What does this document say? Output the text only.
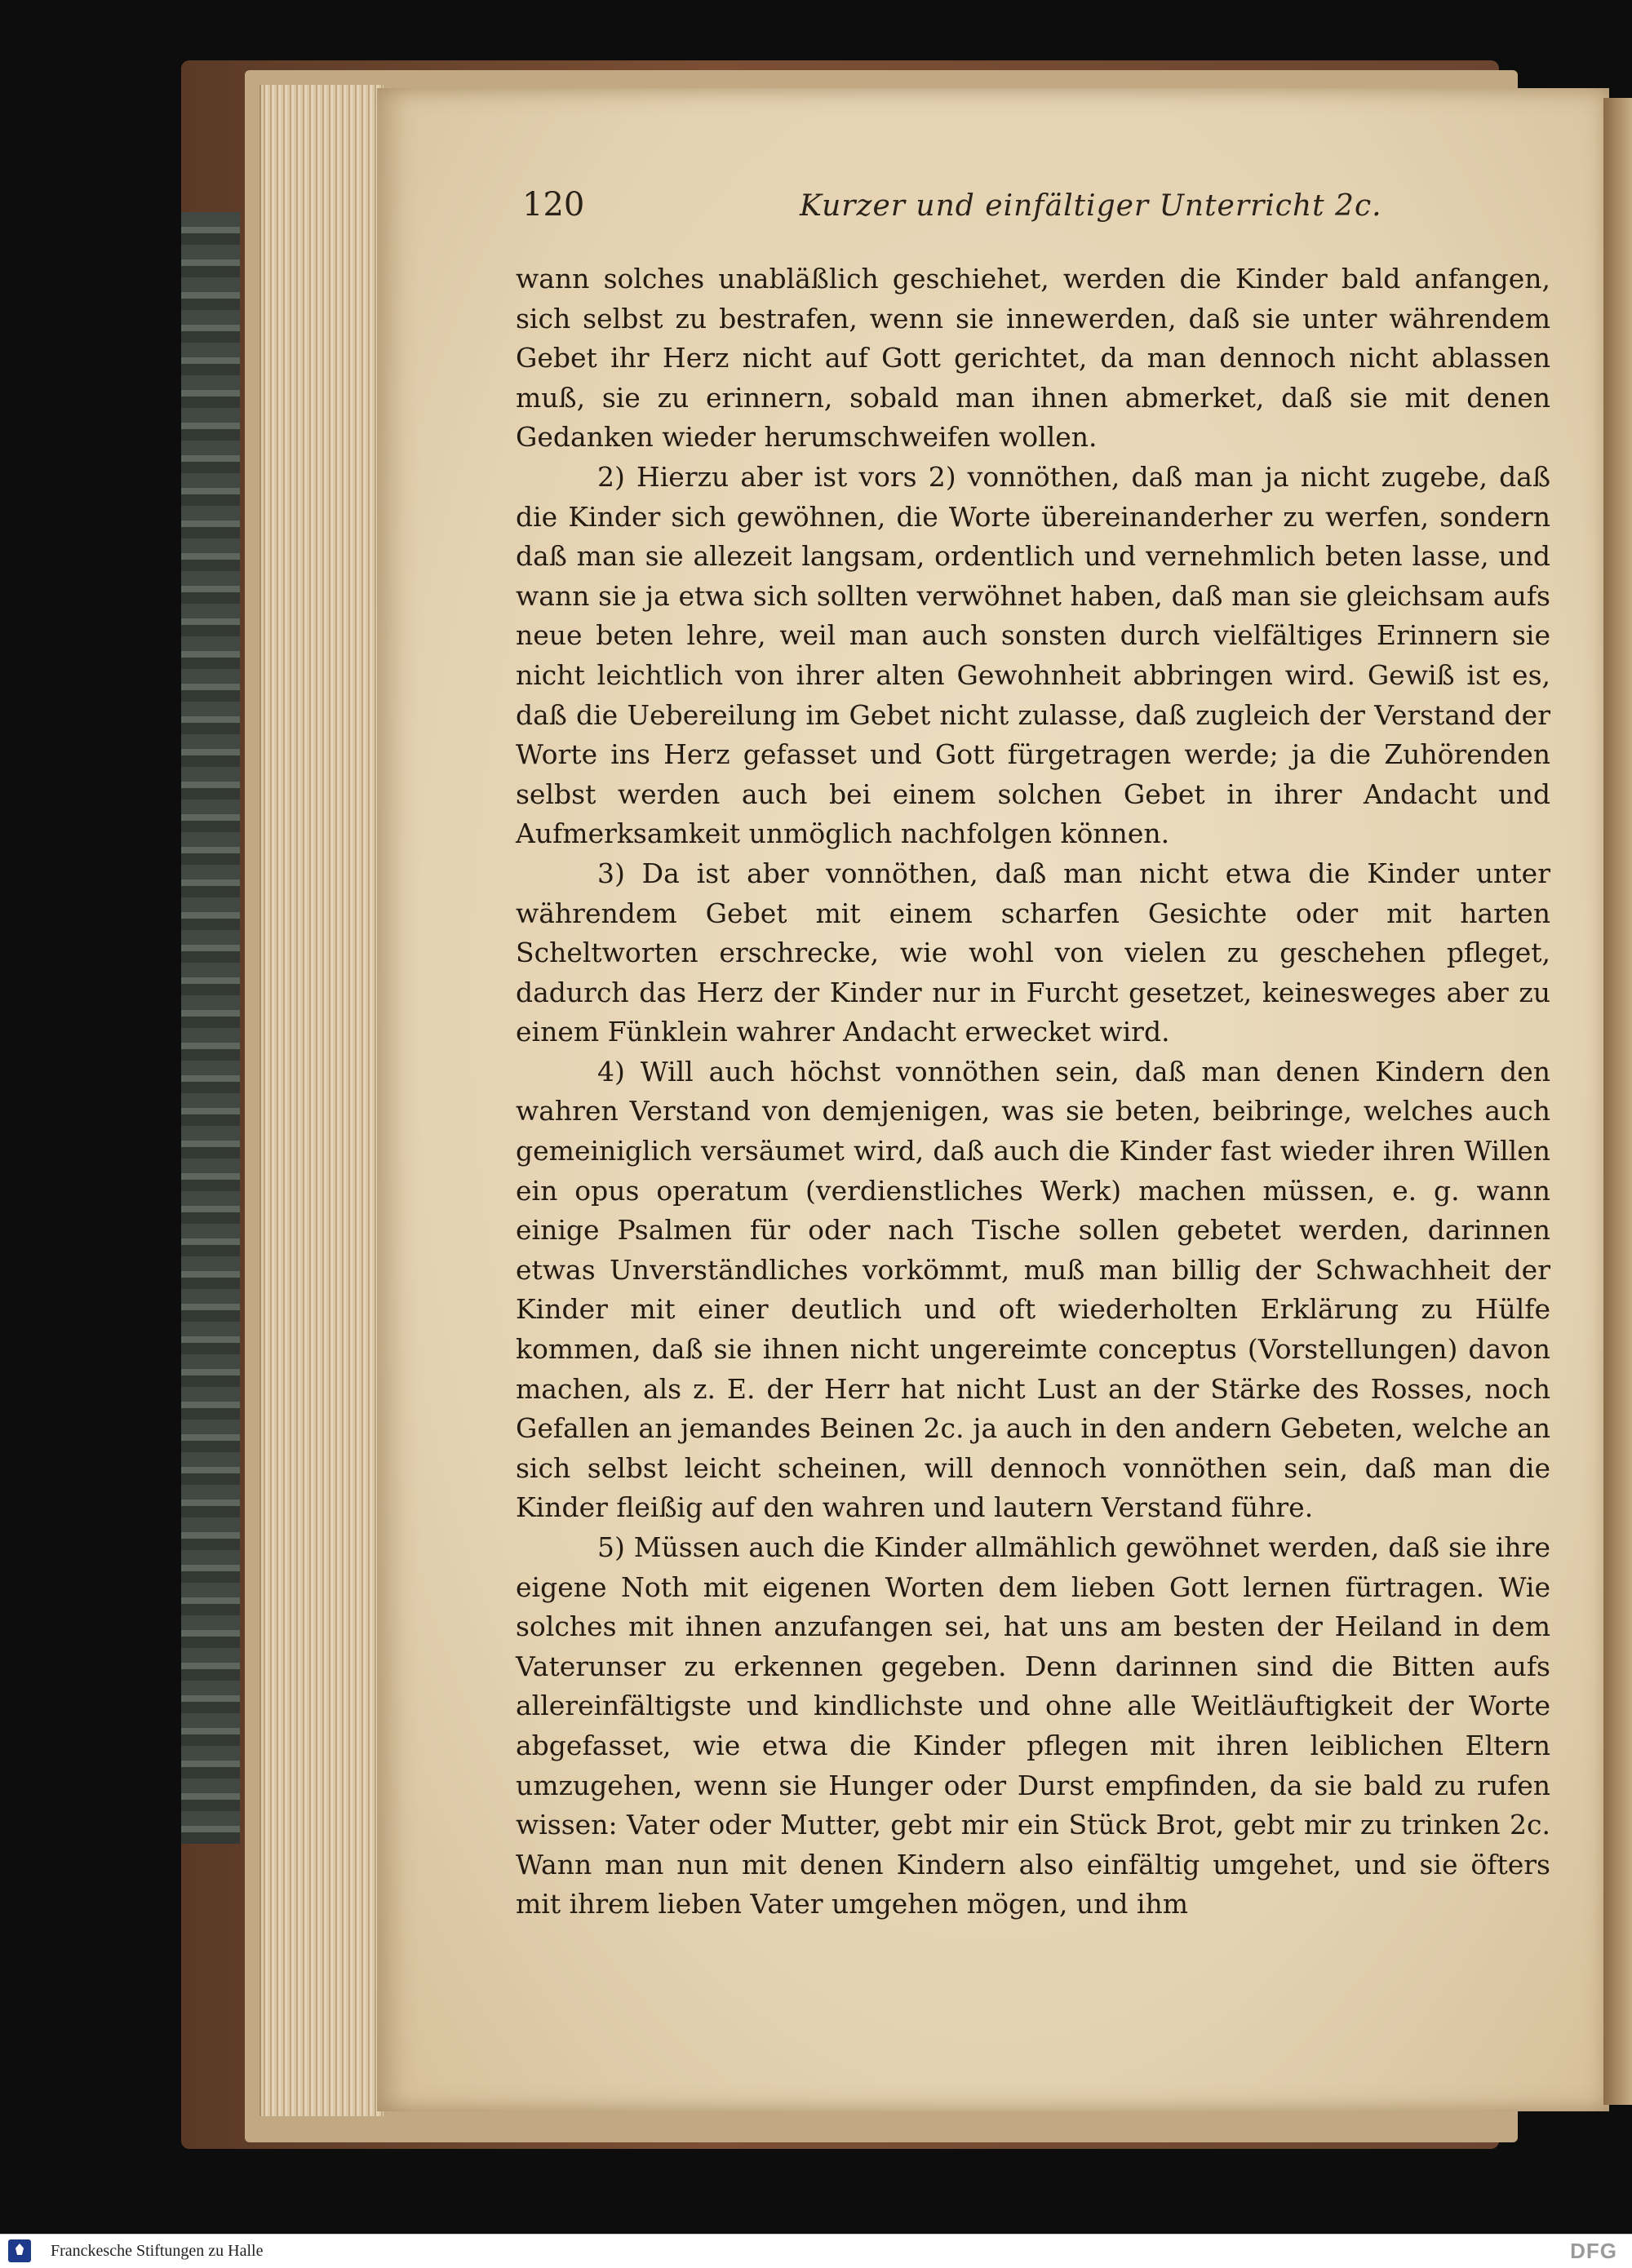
120	Kurzer und einfältiger Unterricht 2c.

wann solches unabläßlich geschiehet, werden die Kinder bald anfangen, sich selbst zu bestrafen, wenn sie innewerden, daß sie unter währendem Gebet ihr Herz nicht auf Gott gerichtet, da man dennoch nicht ablassen muß, sie zu erinnern, sobald man ihnen abmerket, daß sie mit denen Gedanken wieder herumschweifen wollen.

2) Hierzu aber ist vors 2) vonnöthen, daß man ja nicht zugebe, daß die Kinder sich gewöhnen, die Worte übereinanderher zu werfen, sondern daß man sie allezeit langsam, ordentlich und vernehmlich beten lasse, und wann sie ja etwa sich sollten verwöhnet haben, daß man sie gleichsam aufs neue beten lehre, weil man auch sonsten durch vielfältiges Erinnern sie nicht leichtlich von ihrer alten Gewohnheit abbringen wird. Gewiß ist es, daß die Uebereilung im Gebet nicht zulasse, daß zugleich der Verstand der Worte ins Herz gefasset und Gott fürgetragen werde; ja die Zuhörenden selbst werden auch bei einem solchen Gebet in ihrer Andacht und Aufmerksamkeit unmöglich nachfolgen können.

3) Da ist aber vonnöthen, daß man nicht etwa die Kinder unter währendem Gebet mit einem scharfen Gesichte oder mit harten Scheltworten erschrecke, wie wohl von vielen zu geschehen pfleget, dadurch das Herz der Kinder nur in Furcht gesetzet, keinesweges aber zu einem Fünklein wahrer Andacht erwecket wird.

4) Will auch höchst vonnöthen sein, daß man denen Kindern den wahren Verstand von demjenigen, was sie beten, beibringe, welches auch gemeiniglich versäumet wird, daß auch die Kinder fast wieder ihren Willen ein opus operatum (verdienstliches Werk) machen müssen, e. g. wann einige Psalmen für oder nach Tische sollen gebetet werden, darinnen etwas Unverständliches vorkömmt, muß man billig der Schwachheit der Kinder mit einer deutlich und oft wiederholten Erklärung zu Hülfe kommen, daß sie ihnen nicht ungereimte conceptus (Vorstellungen) davon machen, als z. E. der Herr hat nicht Lust an der Stärke des Rosses, noch Gefallen an jemandes Beinen 2c. ja auch in den andern Gebeten, welche an sich selbst leicht scheinen, will dennoch vonnöthen sein, daß man die Kinder fleißig auf den wahren und lautern Verstand führe.

5) Müssen auch die Kinder allmählich gewöhnet werden, daß sie ihre eigene Noth mit eigenen Worten dem lieben Gott lernen fürtragen. Wie solches mit ihnen anzufangen sei, hat uns am besten der Heiland in dem Vaterunser zu erkennen gegeben. Denn darinnen sind die Bitten aufs allereinfältigste und kindlichste und ohne alle Weitläuftigkeit der Worte abgefasset, wie etwa die Kinder pflegen mit ihren leiblichen Eltern umzugehen, wenn sie Hunger oder Durst empfinden, da sie bald zu rufen wissen: Vater oder Mutter, gebt mir ein Stück Brot, gebt mir zu trinken 2c. Wann man nun mit denen Kindern also einfältig umgehet, und sie öfters mit ihrem lieben Vater umgehen mögen, und ihm

Franckesche Stiftungen zu Halle	DFG
